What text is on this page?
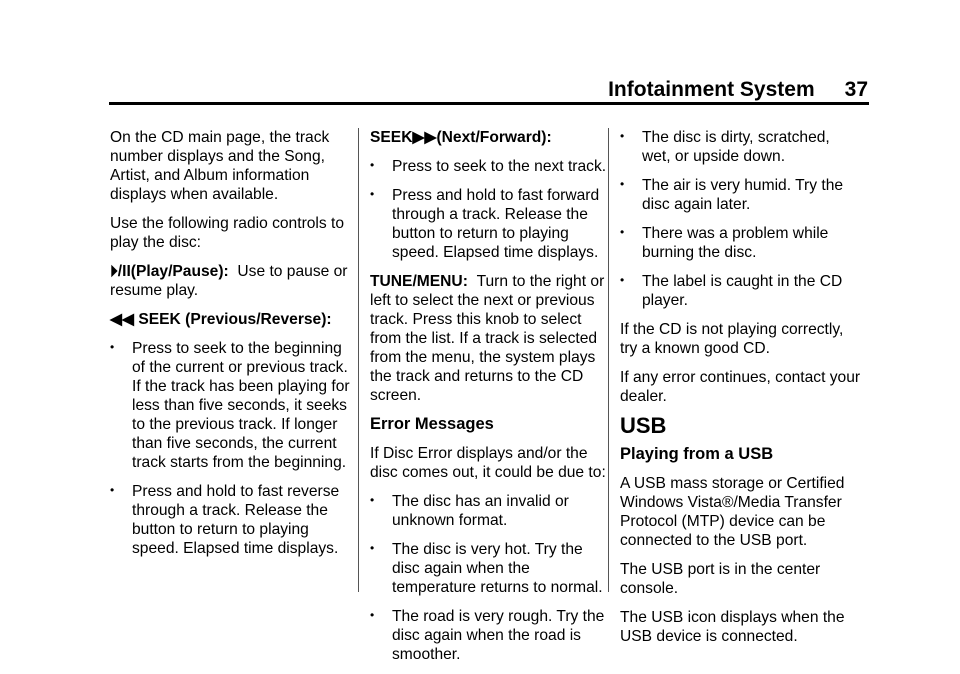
Infotainment System 37

On the CD main page, the track number displays and the Song, Artist, and Album information displays when available.

Use the following radio controls to play the disc:

⏵/II(Play/Pause): Use to pause or resume play.

◀◀ SEEK (Previous/Reverse):

• Press to seek to the beginning of the current or previous track. If the track has been playing for less than five seconds, it seeks to the previous track. If longer than five seconds, the current track starts from the beginning.
• Press and hold to fast reverse through a track. Release the button to return to playing speed. Elapsed time displays.

SEEK▶▶(Next/Forward):

• Press to seek to the next track.
• Press and hold to fast forward through a track. Release the button to return to playing speed. Elapsed time displays.

TUNE/MENU: Turn to the right or left to select the next or previous track. Press this knob to select from the list. If a track is selected from the menu, the system plays the track and returns to the CD screen.

Error Messages

If Disc Error displays and/or the disc comes out, it could be due to:

• The disc has an invalid or unknown format.
• The disc is very hot. Try the disc again when the temperature returns to normal.
• The road is very rough. Try the disc again when the road is smoother.
• The disc is dirty, scratched, wet, or upside down.
• The air is very humid. Try the disc again later.
• There was a problem while burning the disc.
• The label is caught in the CD player.

If the CD is not playing correctly, try a known good CD.

If any error continues, contact your dealer.

USB
Playing from a USB

A USB mass storage or Certified Windows Vista®/Media Transfer Protocol (MTP) device can be connected to the USB port.

The USB port is in the center console.

The USB icon displays when the USB device is connected.
